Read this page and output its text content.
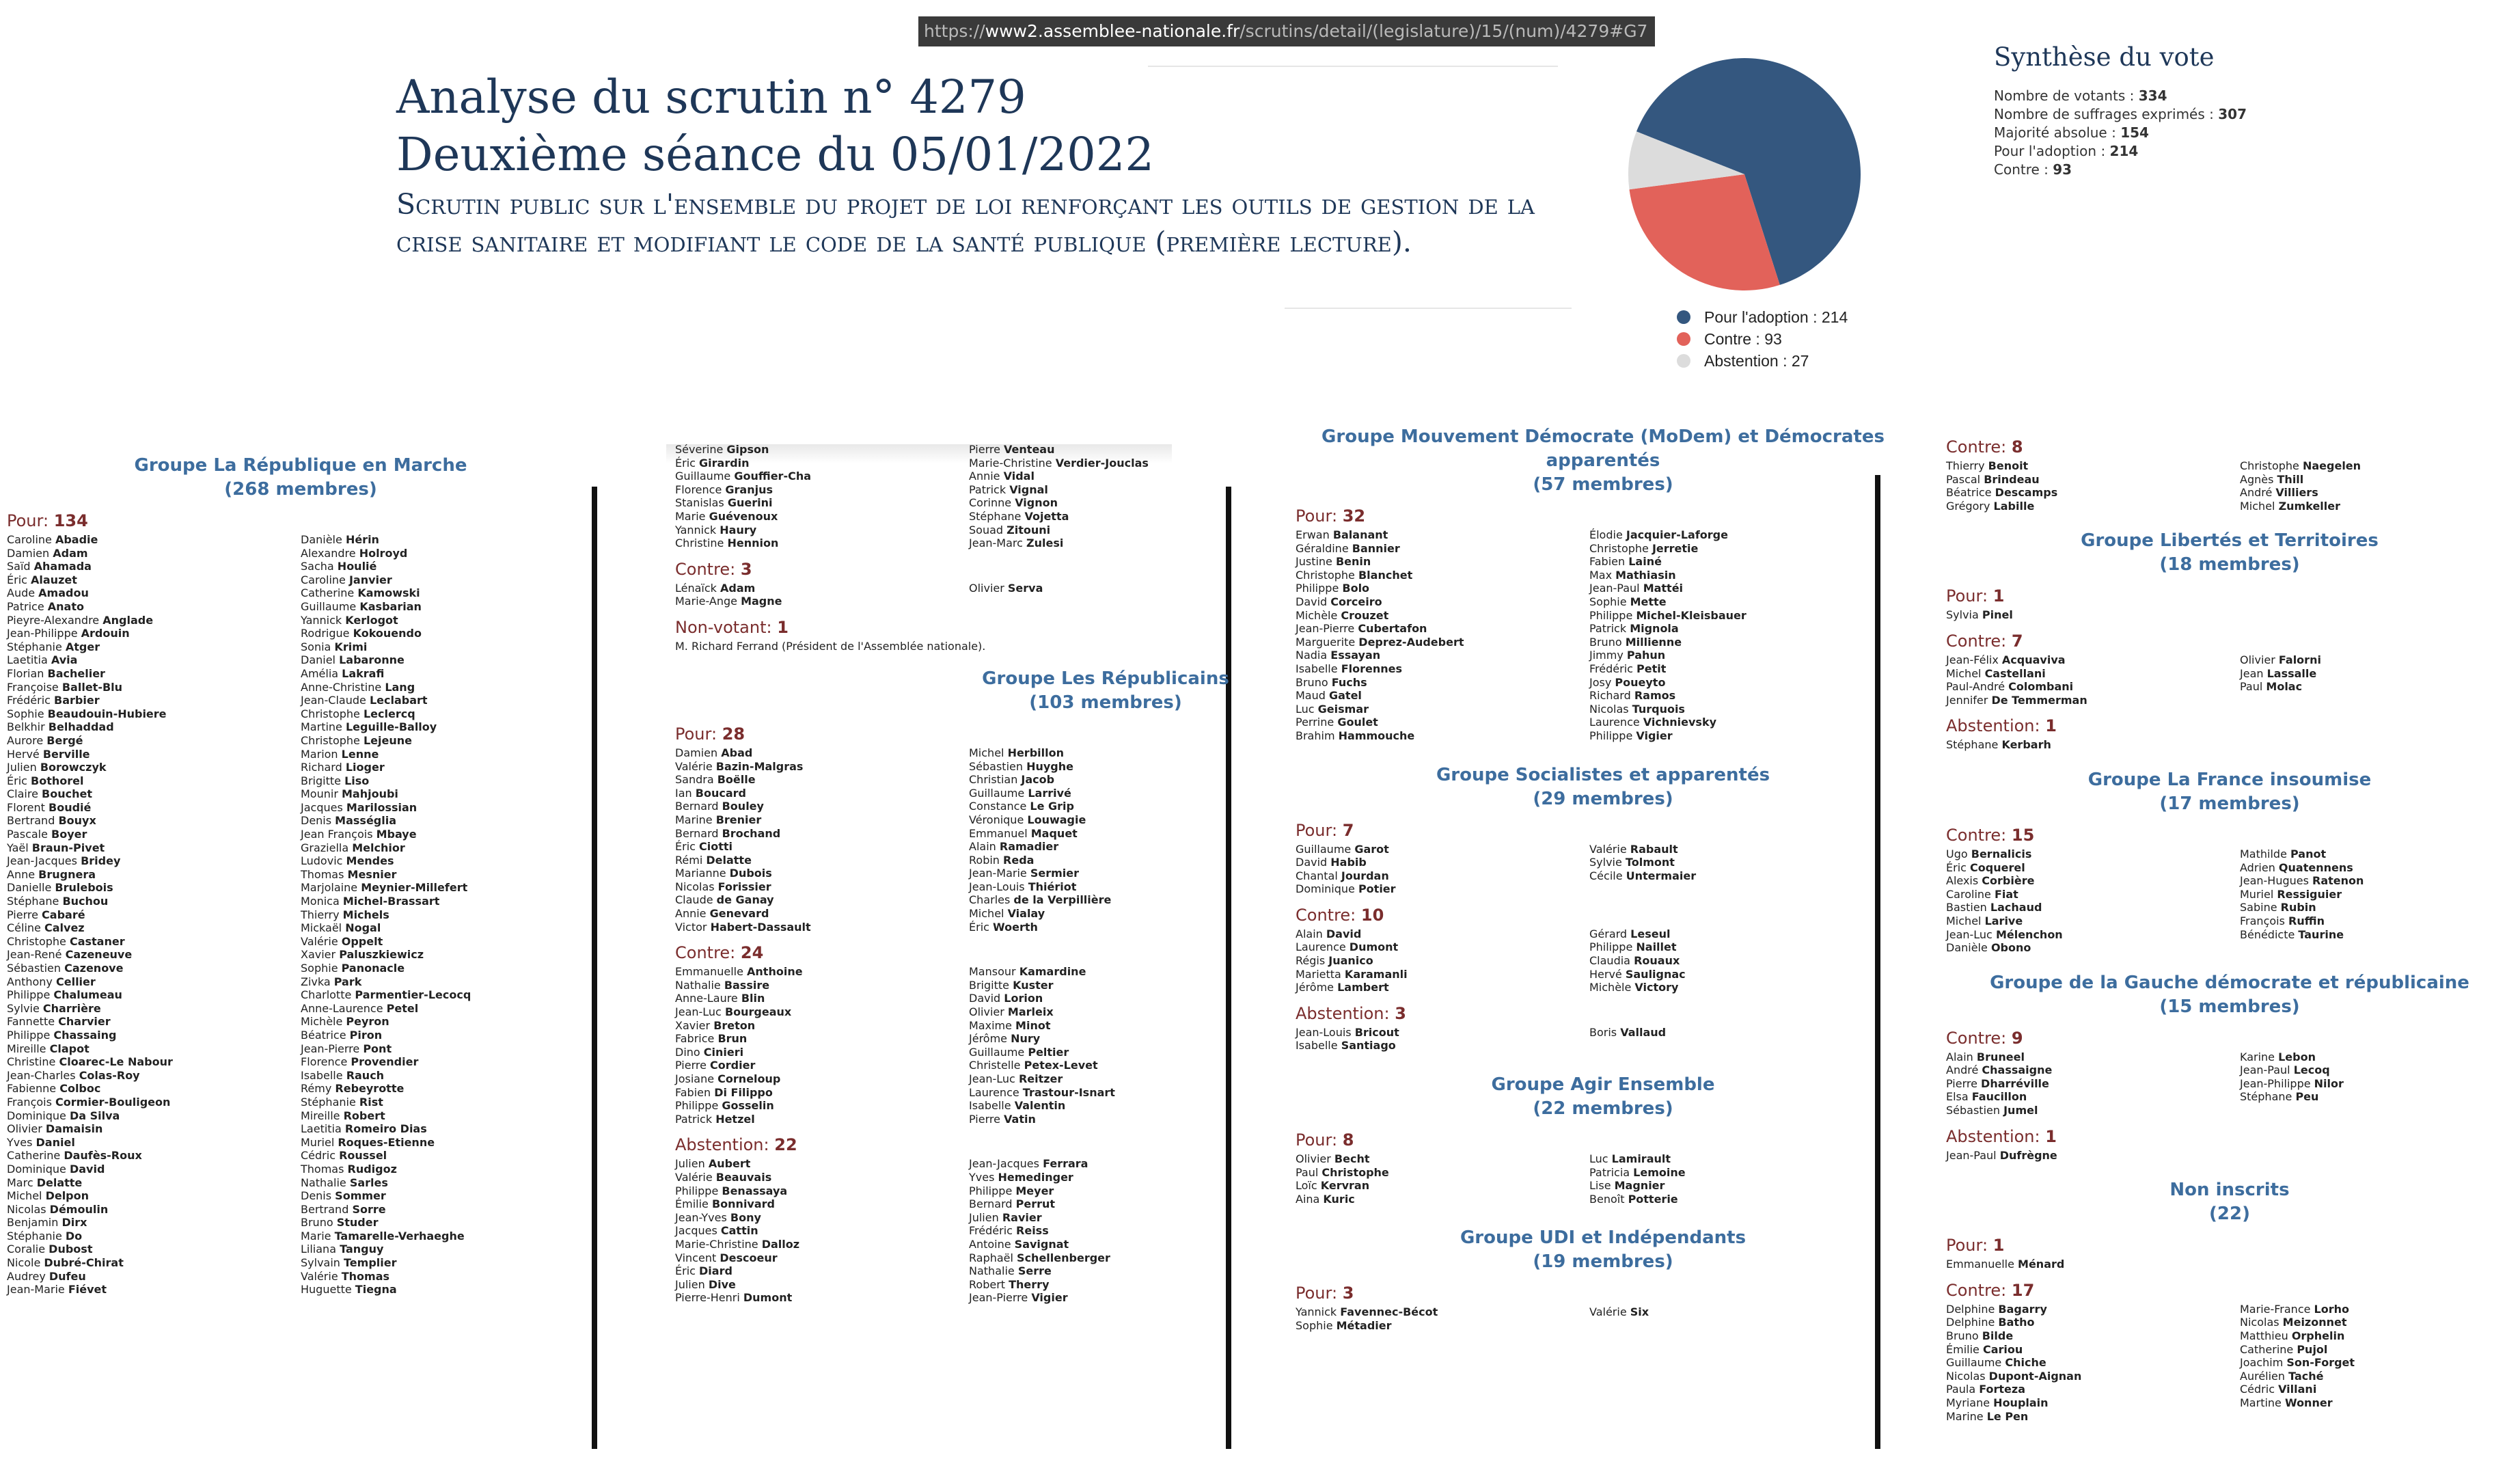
https://www2.assemblee-nationale.fr/scrutins/detail/(legislature)/15/(num)/4279#G7
Analyse du scrutin n° 4279
Deuxième séance du 05/01/2022
Scrutin public sur l'ensemble du projet de loi renforçant les outils de gestion de la crise sanitaire et modifiant le code de la santé publique (première lecture).
Pour l'adoption : 214
Contre : 93
Abstention : 27
Synthèse du vote
Nombre de votants : 334
Nombre de suffrages exprimés : 307
Majorité absolue : 154
Pour l'adoption : 214
Contre : 93
Groupe La République en Marche
(268 membres)
Pour: 134
Caroline Abadie	Danièle Hérin
Damien Adam	Alexandre Holroyd
Saïd Ahamada	Sacha Houlié
Éric Alauzet	Caroline Janvier
Aude Amadou	Catherine Kamowski
Patrice Anato	Guillaume Kasbarian
Pieyre-Alexandre Anglade	Yannick Kerlogot
Jean-Philippe Ardouin	Rodrigue Kokouendo
Stéphanie Atger	Sonia Krimi
Laetitia Avia	Daniel Labaronne
Florian Bachelier	Amélia Lakrafi
Françoise Ballet-Blu	Anne-Christine Lang
Frédéric Barbier	Jean-Claude Leclabart
Sophie Beaudouin-Hubiere	Christophe Leclercq
Belkhir Belhaddad	Martine Leguille-Balloy
Aurore Bergé	Christophe Lejeune
Hervé Berville	Marion Lenne
Julien Borowczyk	Richard Lioger
Éric Bothorel	Brigitte Liso
Claire Bouchet	Mounir Mahjoubi
Florent Boudié	Jacques Marilossian
Bertrand Bouyx	Denis Masséglia
Pascale Boyer	Jean François Mbaye
Yaël Braun-Pivet	Graziella Melchior
Jean-Jacques Bridey	Ludovic Mendes
Anne Brugnera	Thomas Mesnier
Danielle Brulebois	Marjolaine Meynier-Millefert
Stéphane Buchou	Monica Michel-Brassart
Pierre Cabaré	Thierry Michels
Céline Calvez	Mickaël Nogal
Christophe Castaner	Valérie Oppelt
Jean-René Cazeneuve	Xavier Paluszkiewicz
Sébastien Cazenove	Sophie Panonacle
Anthony Cellier	Zivka Park
Philippe Chalumeau	Charlotte Parmentier-Lecocq
Sylvie Charrière	Anne-Laurence Petel
Fannette Charvier	Michèle Peyron
Philippe Chassaing	Béatrice Piron
Mireille Clapot	Jean-Pierre Pont
Christine Cloarec-Le Nabour	Florence Provendier
Jean-Charles Colas-Roy	Isabelle Rauch
Fabienne Colboc	Rémy Rebeyrotte
François Cormier-Bouligeon	Stéphanie Rist
Dominique Da Silva	Mireille Robert
Olivier Damaisin	Laetitia Romeiro Dias
Yves Daniel	Muriel Roques-Etienne
Catherine Daufès-Roux	Cédric Roussel
Dominique David	Thomas Rudigoz
Marc Delatte	Nathalie Sarles
Michel Delpon	Denis Sommer
Nicolas Démoulin	Bertrand Sorre
Benjamin Dirx	Bruno Studer
Stéphanie Do	Marie Tamarelle-Verhaeghe
Coralie Dubost	Liliana Tanguy
Nicole Dubré-Chirat	Sylvain Templier
Audrey Dufeu	Valérie Thomas
Jean-Marie Fiévet	Huguette Tiegna
Séverine Gipson	Pierre Venteau
Éric Girardin	Marie-Christine Verdier-Jouclas
Guillaume Gouffier-Cha	Annie Vidal
Florence Granjus	Patrick Vignal
Stanislas Guerini	Corinne Vignon
Marie Guévenoux	Stéphane Vojetta
Yannick Haury	Souad Zitouni
Christine Hennion	Jean-Marc Zulesi
Contre: 3
Lénaïck Adam	Olivier Serva
Marie-Ange Magne
Non-votant: 1
M. Richard Ferrand (Président de l'Assemblée nationale).
Groupe Les Républicains
(103 membres)
Pour: 28
Damien Abad	Michel Herbillon
Valérie Bazin-Malgras	Sébastien Huyghe
Sandra Boëlle	Christian Jacob
Ian Boucard	Guillaume Larrivé
Bernard Bouley	Constance Le Grip
Marine Brenier	Véronique Louwagie
Bernard Brochand	Emmanuel Maquet
Éric Ciotti	Alain Ramadier
Rémi Delatte	Robin Reda
Marianne Dubois	Jean-Marie Sermier
Nicolas Forissier	Jean-Louis Thiériot
Claude de Ganay	Charles de la Verpillière
Annie Genevard	Michel Vialay
Victor Habert-Dassault	Éric Woerth
Contre: 24
Emmanuelle Anthoine	Mansour Kamardine
Nathalie Bassire	Brigitte Kuster
Anne-Laure Blin	David Lorion
Jean-Luc Bourgeaux	Olivier Marleix
Xavier Breton	Maxime Minot
Fabrice Brun	Jérôme Nury
Dino Cinieri	Guillaume Peltier
Pierre Cordier	Christelle Petex-Levet
Josiane Corneloup	Jean-Luc Reitzer
Fabien Di Filippo	Laurence Trastour-Isnart
Philippe Gosselin	Isabelle Valentin
Patrick Hetzel	Pierre Vatin
Abstention: 22
Julien Aubert	Jean-Jacques Ferrara
Valérie Beauvais	Yves Hemedinger
Philippe Benassaya	Philippe Meyer
Émilie Bonnivard	Bernard Perrut
Jean-Yves Bony	Julien Ravier
Jacques Cattin	Frédéric Reiss
Marie-Christine Dalloz	Antoine Savignat
Vincent Descoeur	Raphaël Schellenberger
Éric Diard	Nathalie Serre
Julien Dive	Robert Therry
Pierre-Henri Dumont	Jean-Pierre Vigier
Groupe Mouvement Démocrate (MoDem) et Démocrates apparentés
(57 membres)
Pour: 32
Erwan Balanant	Élodie Jacquier-Laforge
Géraldine Bannier	Christophe Jerretie
Justine Benin	Fabien Lainé
Christophe Blanchet	Max Mathiasin
Philippe Bolo	Jean-Paul Mattéi
David Corceiro	Sophie Mette
Michèle Crouzet	Philippe Michel-Kleisbauer
Jean-Pierre Cubertafon	Patrick Mignola
Marguerite Deprez-Audebert	Bruno Millienne
Nadia Essayan	Jimmy Pahun
Isabelle Florennes	Frédéric Petit
Bruno Fuchs	Josy Poueyto
Maud Gatel	Richard Ramos
Luc Geismar	Nicolas Turquois
Perrine Goulet	Laurence Vichnievsky
Brahim Hammouche	Philippe Vigier
Groupe Socialistes et apparentés
(29 membres)
Pour: 7
Guillaume Garot	Valérie Rabault
David Habib	Sylvie Tolmont
Chantal Jourdan	Cécile Untermaier
Dominique Potier
Contre: 10
Alain David	Gérard Leseul
Laurence Dumont	Philippe Naillet
Régis Juanico	Claudia Rouaux
Marietta Karamanli	Hervé Saulignac
Jérôme Lambert	Michèle Victory
Abstention: 3
Jean-Louis Bricout	Boris Vallaud
Isabelle Santiago
Groupe Agir Ensemble
(22 membres)
Pour: 8
Olivier Becht	Luc Lamirault
Paul Christophe	Patricia Lemoine
Loïc Kervran	Lise Magnier
Aina Kuric	Benoît Potterie
Groupe UDI et Indépendants
(19 membres)
Pour: 3
Yannick Favennec-Bécot	Valérie Six
Sophie Métadier
Contre: 8
Thierry Benoit	Christophe Naegelen
Pascal Brindeau	Agnès Thill
Béatrice Descamps	André Villiers
Grégory Labille	Michel Zumkeller
Groupe Libertés et Territoires
(18 membres)
Pour: 1
Sylvia Pinel
Contre: 7
Jean-Félix Acquaviva	Olivier Falorni
Michel Castellani	Jean Lassalle
Paul-André Colombani	Paul Molac
Jennifer De Temmerman
Abstention: 1
Stéphane Kerbarh
Groupe La France insoumise
(17 membres)
Contre: 15
Ugo Bernalicis	Mathilde Panot
Éric Coquerel	Adrien Quatennens
Alexis Corbière	Jean-Hugues Ratenon
Caroline Fiat	Muriel Ressiguier
Bastien Lachaud	Sabine Rubin
Michel Larive	François Ruffin
Jean-Luc Mélenchon	Bénédicte Taurine
Danièle Obono
Groupe de la Gauche démocrate et républicaine
(15 membres)
Contre: 9
Alain Bruneel	Karine Lebon
André Chassaigne	Jean-Paul Lecoq
Pierre Dharréville	Jean-Philippe Nilor
Elsa Faucillon	Stéphane Peu
Sébastien Jumel
Abstention: 1
Jean-Paul Dufrègne
Non inscrits
(22)
Pour: 1
Emmanuelle Ménard
Contre: 17
Delphine Bagarry	Marie-France Lorho
Delphine Batho	Nicolas Meizonnet
Bruno Bilde	Matthieu Orphelin
Émilie Cariou	Catherine Pujol
Guillaume Chiche	Joachim Son-Forget
Nicolas Dupont-Aignan	Aurélien Taché
Paula Forteza	Cédric Villani
Myriane Houplain	Martine Wonner
Marine Le Pen
